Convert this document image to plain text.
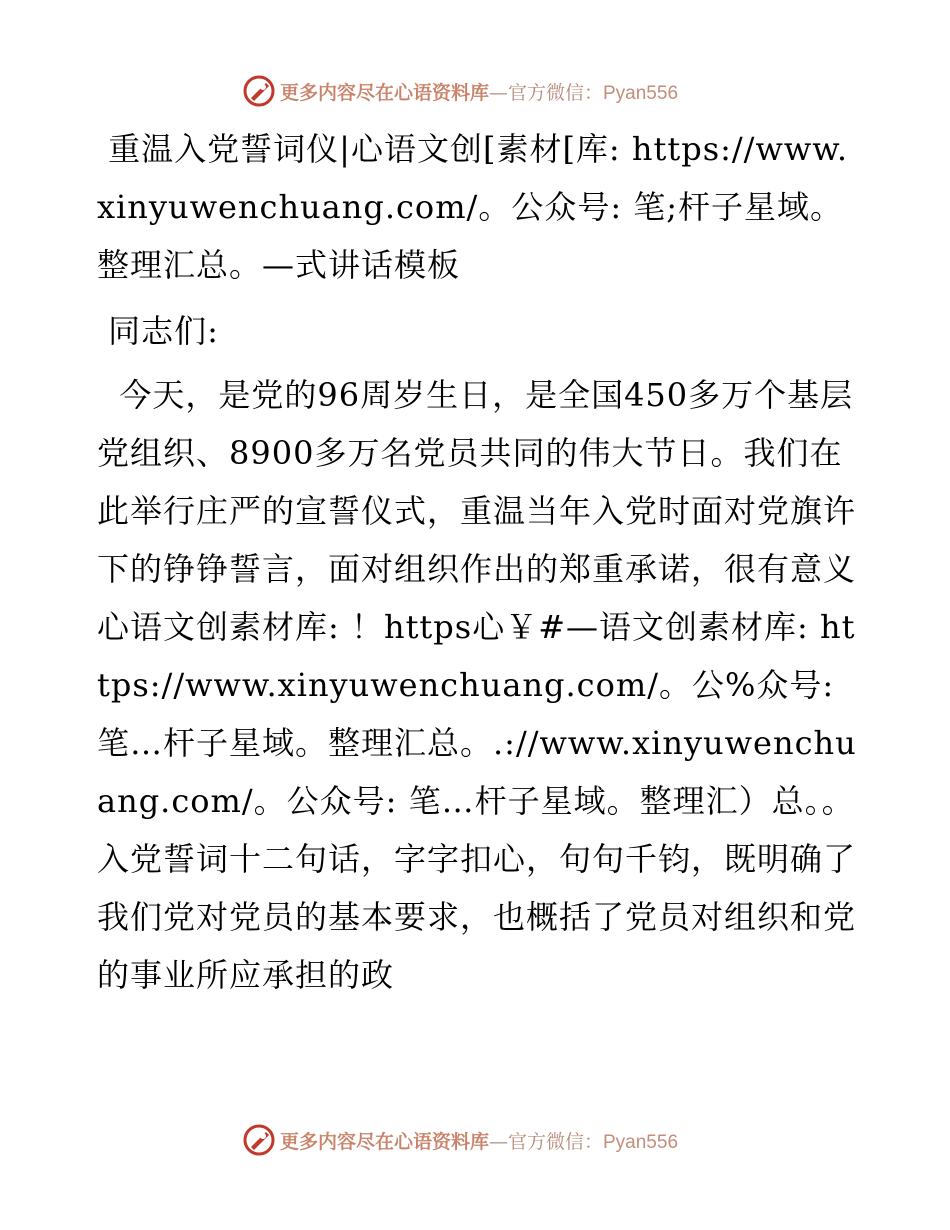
更多内容尽在心语资料库—官方微信：Pyan556

重温入党誓词仪|心语文创[素材[库: https://www.xinyuwenchuang.com/。公众号: 笔;杆子星域。整理汇总。—式讲话模板

同志们:

今天，是党的96周岁生日，是全国450多万个基层党组织、8900多万名党员共同的伟大节日。我们在此举行庄严的宣誓仪式，重温当年入党时面对党旗许下的铮铮誓言，面对组织作出的郑重承诺，很有意义心语文创素材库: ！https心￥#—语文创素材库: https://www.xinyuwenchuang.com/。公%众号: 笔…杆子星域。整理汇总。.://www.xinyuwenchuang.com/。公众号: 笔…杆子星域。整理汇）总。。入党誓词十二句话，字字扣心，句句千钧，既明确了我们党对党员的基本要求，也概括了党员对组织和党的事业所应承担的政

更多内容尽在心语资料库—官方微信：Pyan556
